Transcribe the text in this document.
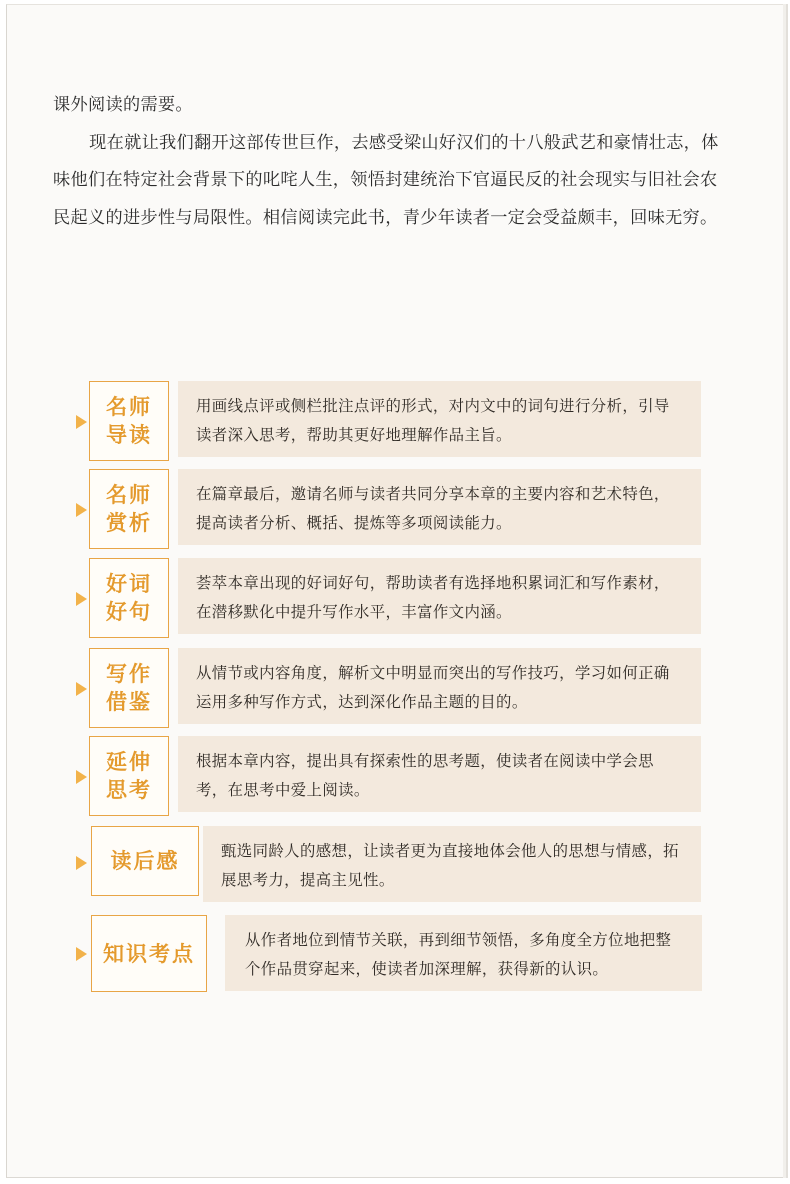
课外阅读的需要。

现在就让我们翻开这部传世巨作，去感受梁山好汉们的十八般武艺和豪情壮志，体味他们在特定社会背景下的叱咤人生，领悟封建统治下官逼民反的社会现实与旧社会农民起义的进步性与局限性。相信阅读完此书，青少年读者一定会受益颇丰，回味无穷。

名师导读
用画线点评或侧栏批注点评的形式，对内文中的词句进行分析，引导读者深入思考，帮助其更好地理解作品主旨。
名师赏析
在篇章最后，邀请名师与读者共同分享本章的主要内容和艺术特色，提高读者分析、概括、提炼等多项阅读能力。
好词好句
荟萃本章出现的好词好句，帮助读者有选择地积累词汇和写作素材，在潜移默化中提升写作水平，丰富作文内涵。
写作借鉴
从情节或内容角度，解析文中明显而突出的写作技巧，学习如何正确运用多种写作方式，达到深化作品主题的目的。
延伸思考
根据本章内容，提出具有探索性的思考题，使读者在阅读中学会思考，在思考中爱上阅读。
读后感	甄选同龄人的感想，让读者更为直接地体会他人的思想与情感，拓展思考力，提高主见性。
知识考点
从作者地位到情节关联，再到细节领悟，多角度全方位地把整个作品贯穿起来，使读者加深理解，获得新的认识。
